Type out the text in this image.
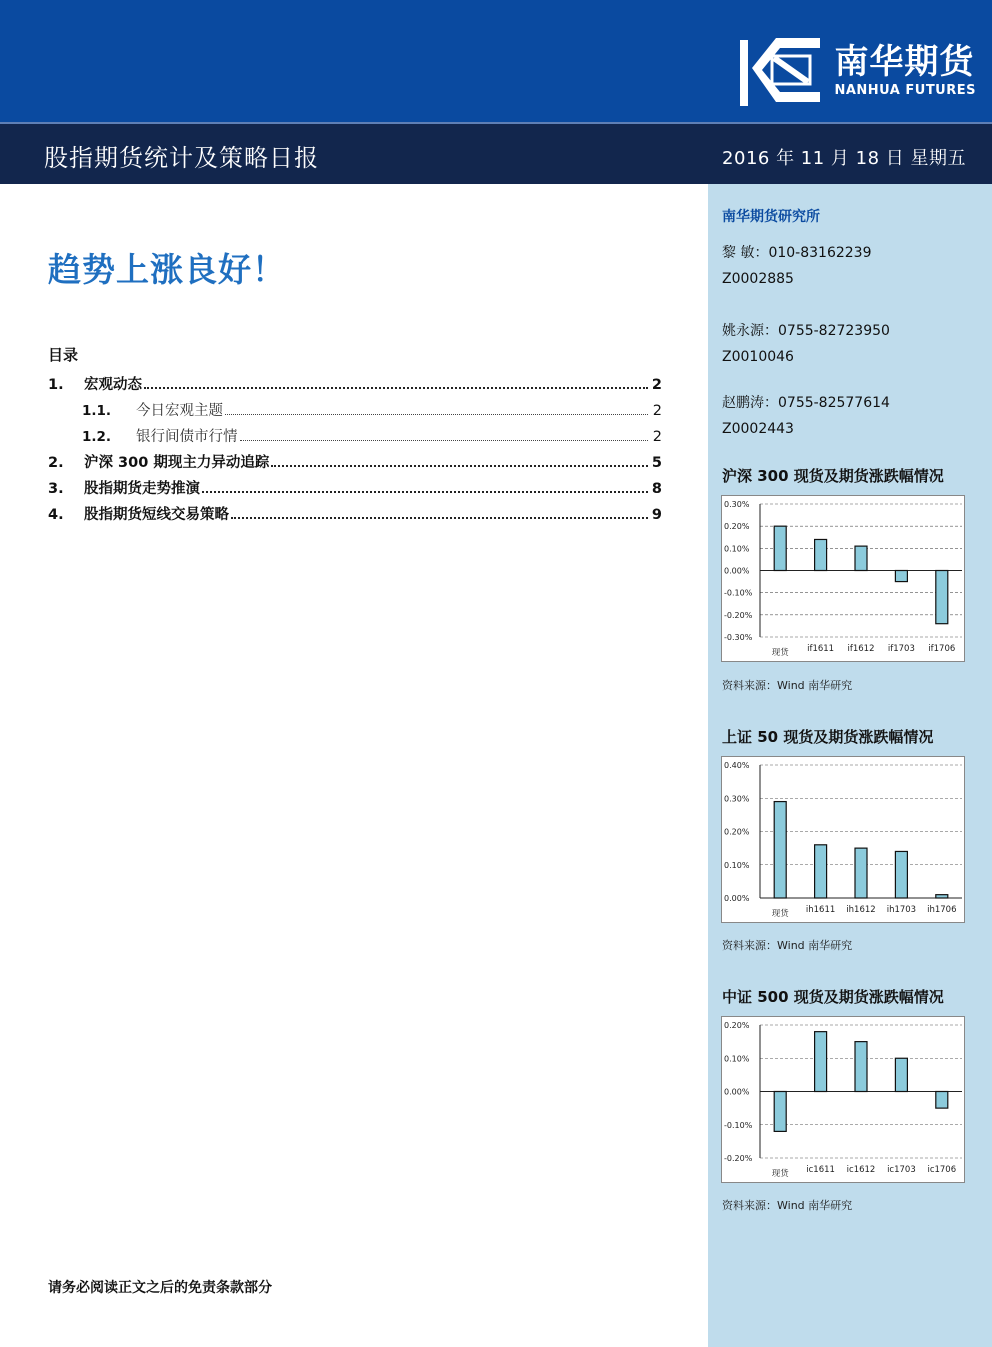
南华期货
NANHUA FUTURES
股指期货统计及策略日报	2016 年 11 月 18 日 星期五
趋势上涨良好！
目录
1.	宏观动态	2
1.1.	今日宏观主题	2
1.2.	银行间债市行情	2
2.	沪深 300 期现主力异动追踪	5
3.	股指期货走势推演	8
4.	股指期货短线交易策略	9
请务必阅读正文之后的免责条款部分
南华期货研究所
黎 敏：010-83162239
Z0002885
姚永源：0755-82723950
Z0010046
赵鹏涛：0755-82577614
Z0002443
沪深 300 现货及期货涨跌幅情况
0.30%
0.20%
0.10%
0.00%
-0.10%
-0.20%
-0.30%
现货 if1611 if1612 if1703 if1706
资料来源：Wind 南华研究
上证 50 现货及期货涨跌幅情况
0.40%
0.30%
0.20%
0.10%
0.00%
现货 ih1611 ih1612 ih1703 ih1706
资料来源：Wind 南华研究
中证 500 现货及期货涨跌幅情况
0.20%
0.10%
0.00%
-0.10%
-0.20%
现货 ic1611 ic1612 ic1703 ic1706
资料来源：Wind 南华研究
